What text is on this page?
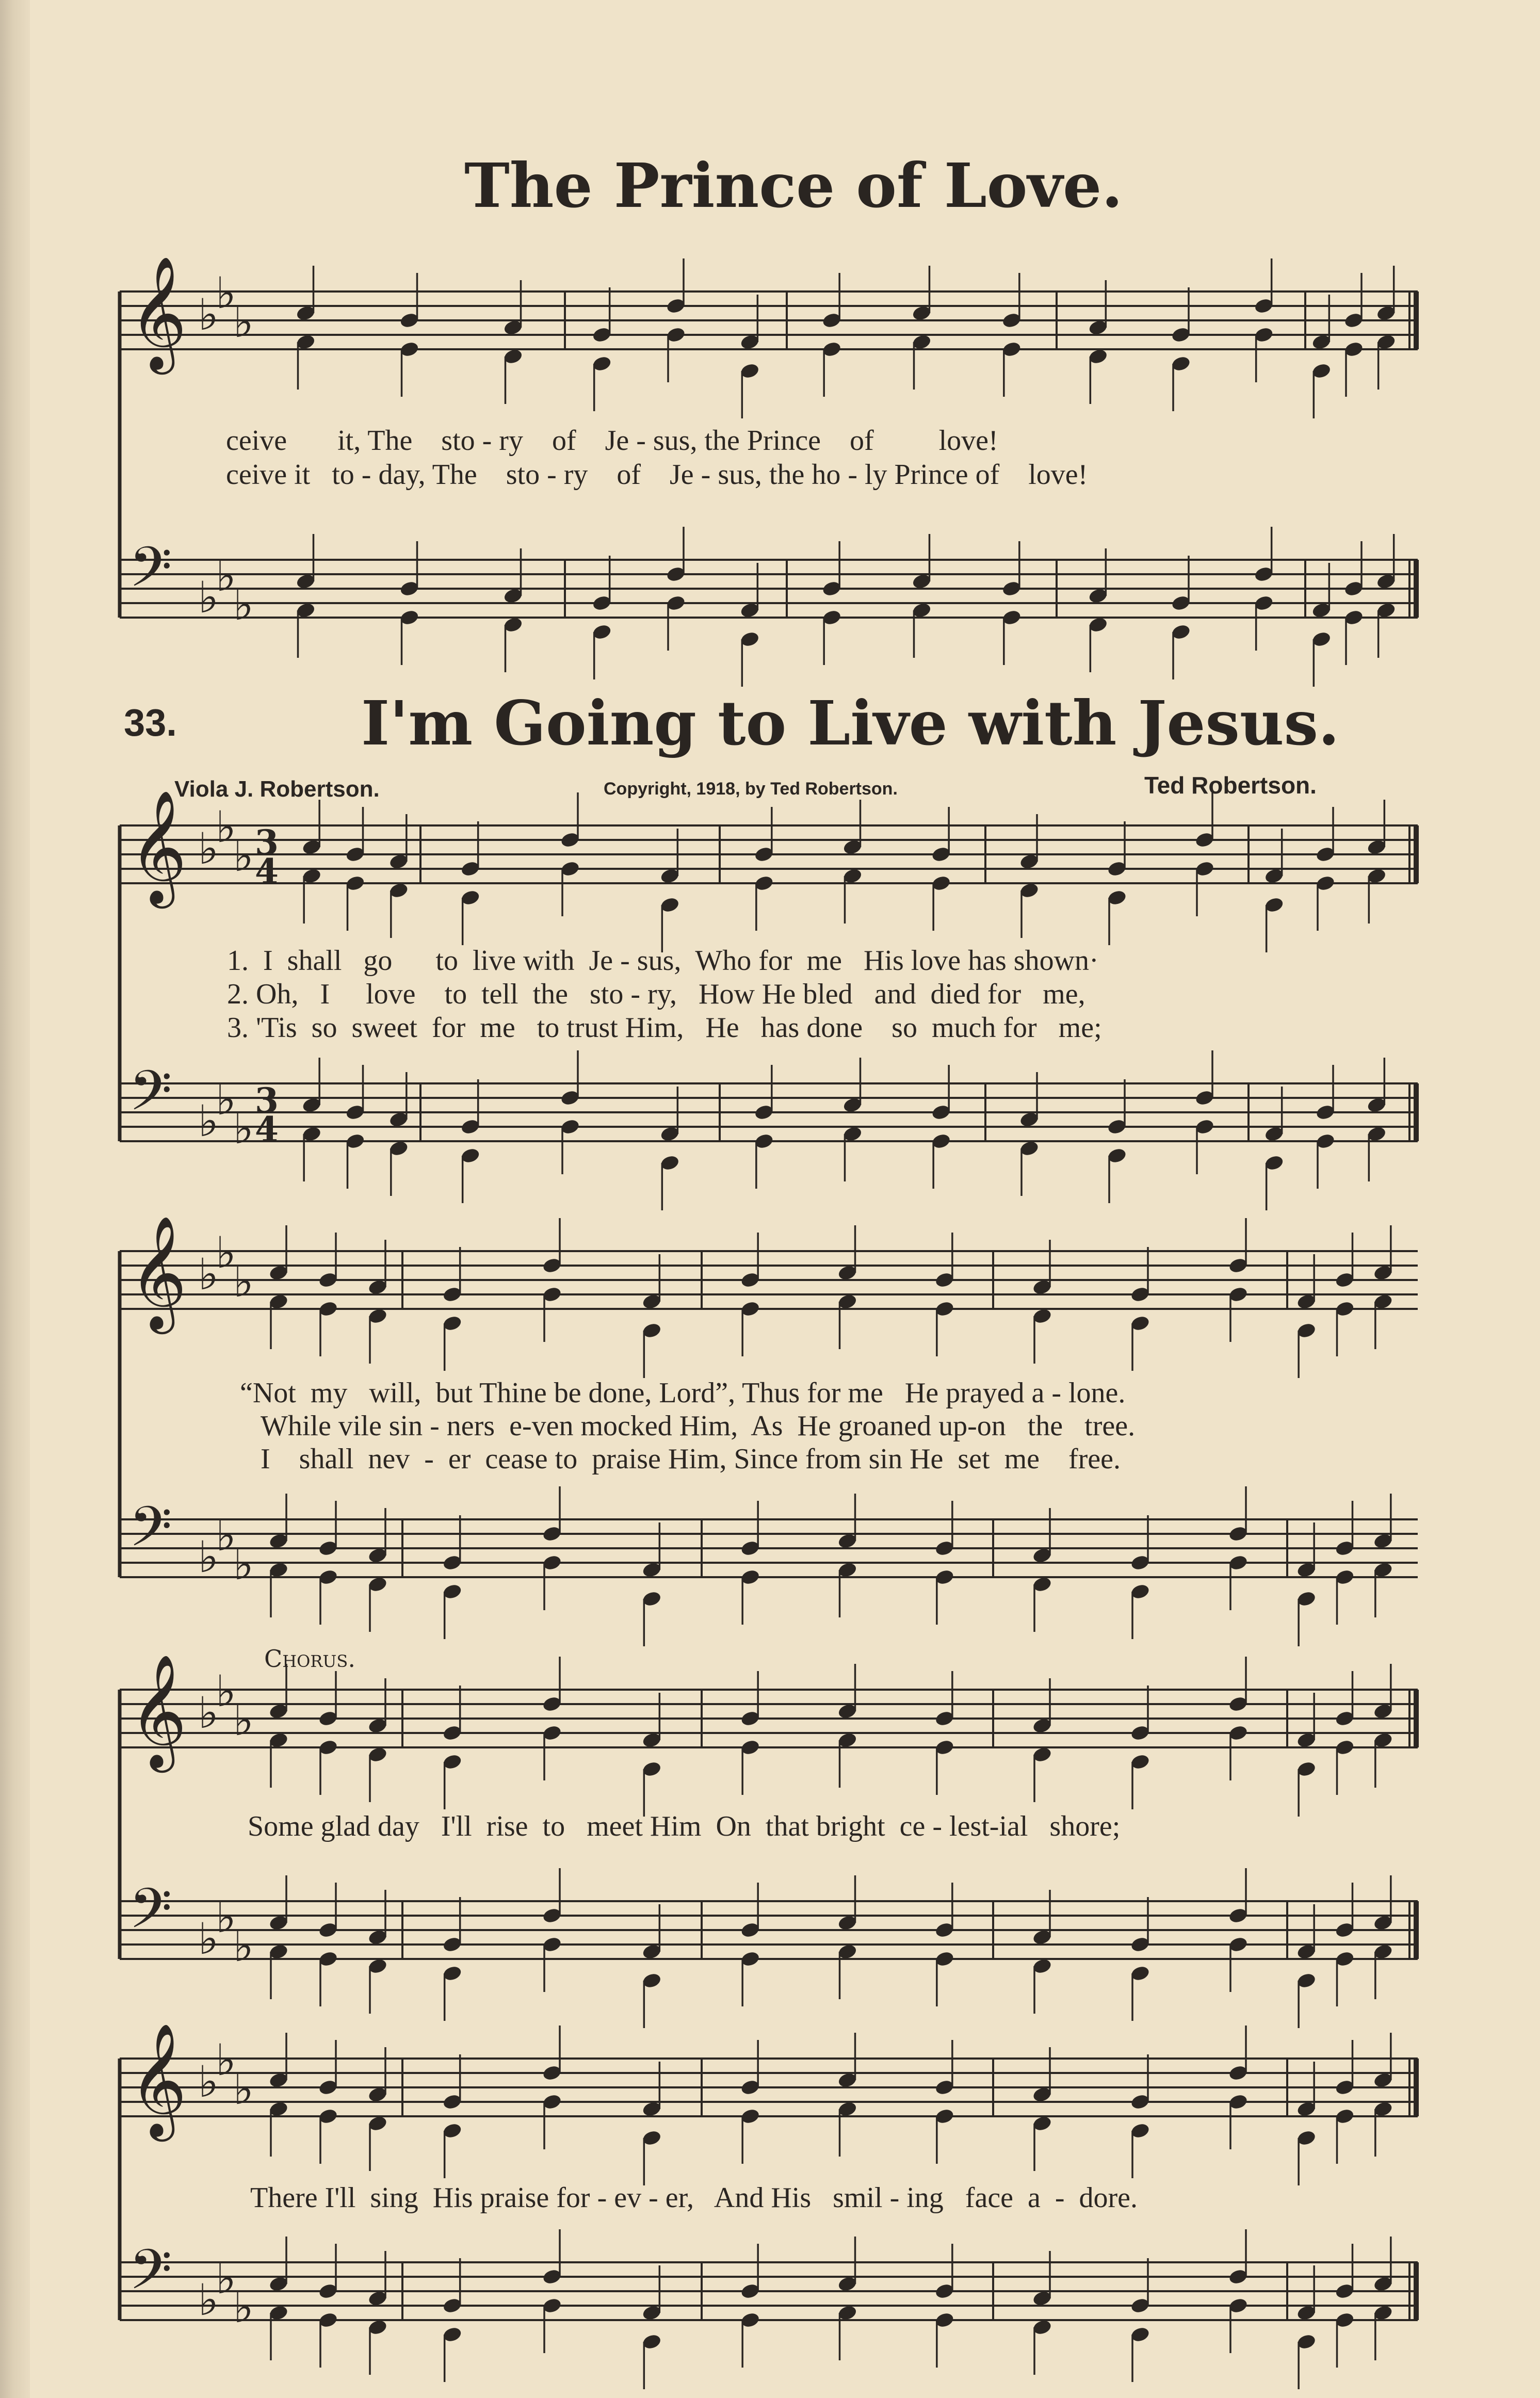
The Prince of Love.
𝄞 ♭
♭
♭
𝄢 ♭
♭
♭
𝄞 ♭
♭
♭ 3
4
𝄢 ♭
♭
♭
3
4
𝄞 ♭
♭
♭
𝄢 ♭
♭
♭
𝄞 ♭
♭
♭
𝄢 ♭
♭
♭
𝄞 ♭
♭
♭
𝄢 ♭
♭
♭
ceive       it, The    sto - ry    of    Je - sus, the Prince    of         love!
ceive it   to - day, The    sto - ry    of    Je - sus, the ho - ly Prince of    love!
33.	I'm Going to Live with Jesus.
Viola J. Robertson.	Copyright, 1918, by Ted Robertson.	Ted Robertson.
1.  I  shall   go      to  live with  Je - sus,  Who for  me   His love has shown·
2. Oh,   I     love    to  tell  the   sto - ry,   How He bled   and  died for   me,
3. 'Tis  so  sweet  for  me   to trust Him,   He   has done    so  much for   me;
“Not  my   will,  but Thine be done, Lord”, Thus for me   He prayed a - lone.
While vile sin - ners  e-ven mocked Him,  As  He groaned up-on   the   tree.
I    shall  nev  -  er  cease to  praise Him, Since from sin He  set  me    free.
Chorus.
Some glad day   I'll  rise  to   meet Him  On  that bright  ce - lest-ial   shore;
There I'll  sing  His praise for - ev - er,   And His   smil - ing   face  a  -  dore.
